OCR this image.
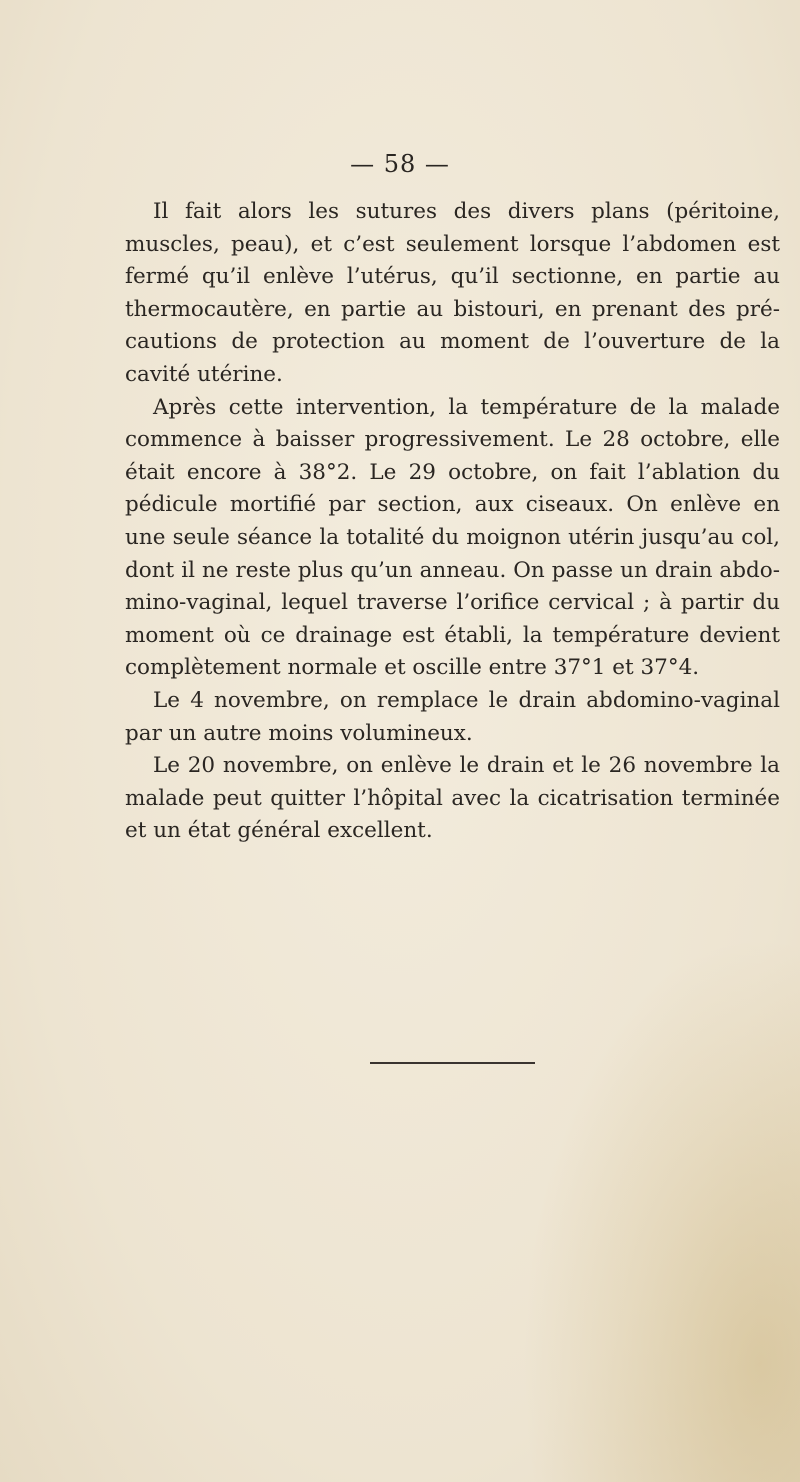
— 58 —
Il fait alors les sutures des divers plans (péritoine,
muscles, peau), et c’est seulement lorsque l’abdomen est
fermé qu’il enlève l’utérus, qu’il sectionne, en partie au
thermocautère, en partie au bistouri, en prenant des pré-
cautions de protection au moment de l’ouverture de la
cavité utérine.
Après cette intervention, la température de la malade
commence à baisser progressivement. Le 28 octobre, elle
était encore à 38°2. Le 29 octobre, on fait l’ablation du
pédicule mortifié par section, aux ciseaux. On enlève en
une seule séance la totalité du moignon utérin jusqu’au col,
dont il ne reste plus qu’un anneau. On passe un drain abdo-
mino-vaginal, lequel traverse l’orifice cervical ; à partir du
moment où ce drainage est établi, la température devient
complètement normale et oscille entre 37°1 et 37°4.
Le 4 novembre, on remplace le drain abdomino-vaginal
par un autre moins volumineux.
Le 20 novembre, on enlève le drain et le 26 novembre la
malade peut quitter l’hôpital avec la cicatrisation terminée
et un état général excellent.
